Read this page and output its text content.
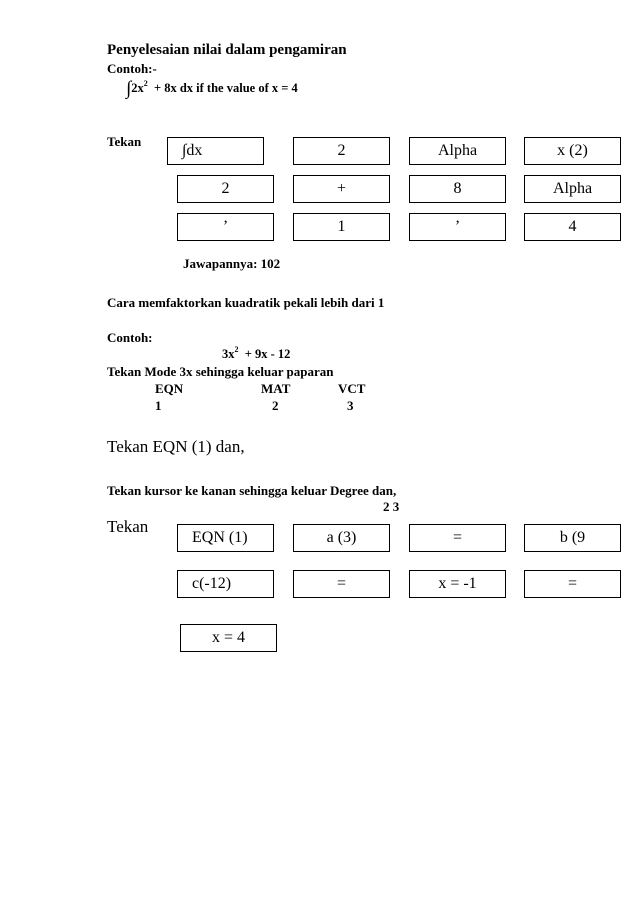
Penyelesaian nilai dalam pengamiran
Contoh:-
$\int 2x^2 + 8x$ dx if the value of x = 4
Tekan
∫dx	2	Alpha	x (2)
2	+	8	Alpha
’	1	’	4
Jawapannya: 102
Cara memfaktorkan kuadratik pekali lebih dari 1
Contoh:
$3x^2 + 9x - 12$
Tekan Mode 3x sehingga keluar paparan
EQN	MAT	VCT
1	2	3
Tekan EQN (1) dan,
Tekan kursor ke kanan sehingga keluar Degree dan,
2 3
Tekan
EQN (1)	a (3)	=	b (9
c(-12)	=	x = -1	=
x = 4
